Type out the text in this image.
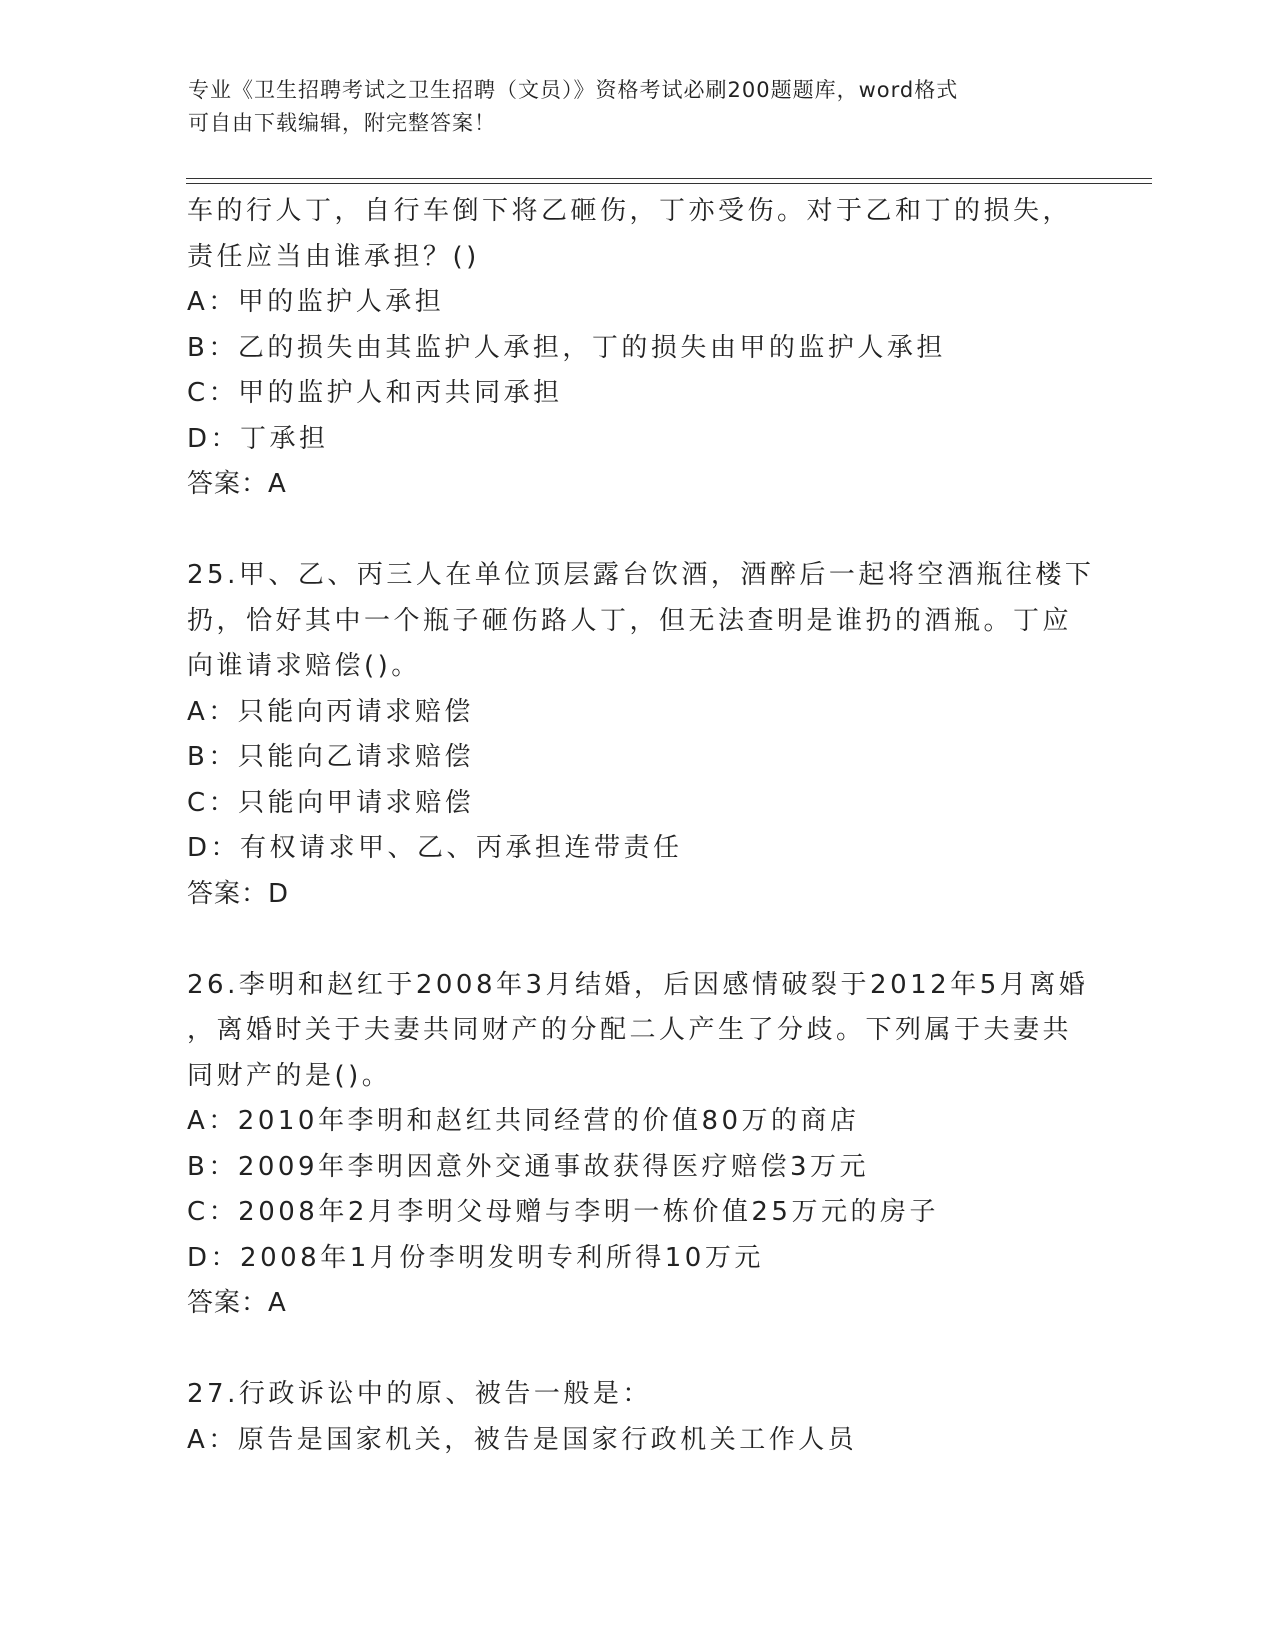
专业《卫生招聘考试之卫生招聘（文员）》资格考试必刷200题题库，word格式
可自由下载编辑，附完整答案！
车的行人丁，自行车倒下将乙砸伤，丁亦受伤。对于乙和丁的损失，
责任应当由谁承担？()
A：甲的监护人承担
B：乙的损失由其监护人承担，丁的损失由甲的监护人承担
C：甲的监护人和丙共同承担
D：丁承担
答案：A
25.甲、乙、丙三人在单位顶层露台饮酒，酒醉后一起将空酒瓶往楼下
扔，恰好其中一个瓶子砸伤路人丁，但无法查明是谁扔的酒瓶。丁应
向谁请求赔偿()。
A：只能向丙请求赔偿
B：只能向乙请求赔偿
C：只能向甲请求赔偿
D：有权请求甲、乙、丙承担连带责任
答案：D
26.李明和赵红于2008年3月结婚，后因感情破裂于2012年5月离婚
，离婚时关于夫妻共同财产的分配二人产生了分歧。下列属于夫妻共
同财产的是()。
A：2010年李明和赵红共同经营的价值80万的商店
B：2009年李明因意外交通事故获得医疗赔偿3万元
C：2008年2月李明父母赠与李明一栋价值25万元的房子
D：2008年1月份李明发明专利所得10万元
答案：A
27.行政诉讼中的原、被告一般是：
A：原告是国家机关，被告是国家行政机关工作人员
